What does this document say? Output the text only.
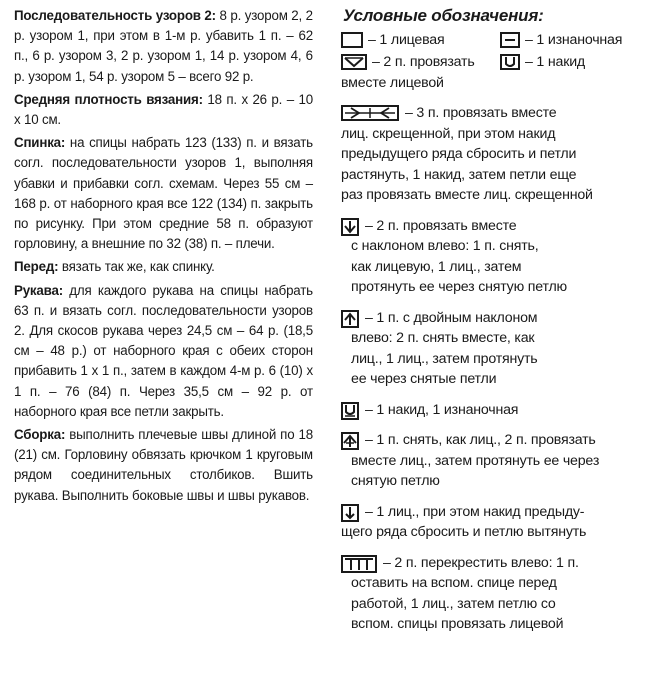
Последовательность узоров 2: 8 р. узором 2, 2 р. узором 1, при этом в 1-м р. убавить 1 п. – 62 п., 6 р. узором 3, 2 р. узором 1, 14 р. узором 4, 6 р. узором 1, 54 р. узором 5 – всего 92 р.

Средняя плотность вязания: 18 п. х 26 р. – 10 х 10 см.

Спинка: на спицы набрать 123 (133) п. и вязать согл. последовательности узоров 1, выполняя убавки и прибавки согл. схемам. Через 55 см – 168 р. от наборного края все 122 (134) п. закрыть по рисунку. При этом средние 58 п. образуют горловину, а внешние по 32 (38) п. – плечи.

Перед: вязать так же, как спинку.

Рукава: для каждого рукава на спицы набрать 63 п. и вязать согл. последовательности узоров 2. Для скосов рукава через 24,5 см – 64 р. (18,5 см – 48 р.) от наборного края с обеих сторон прибавить 1 х 1 п., затем в каждом 4-м р. 6 (10) х 1 п. – 76 (84) п. Через 35,5 см – 92 р. от наборного края все петли закрыть.

Сборка: выполнить плечевые швы длиной по 18 (21) см. Горловину обвязать крючком 1 круговым рядом соединительных столбиков. Вшить рукава. Выполнить боковые швы и швы рукавов.

Условные обозначения:
– 1 лицевая	– 1 изнаночная
– 2 п. провязать	– 1 накид
вместе лицевой
– 3 п. провязать вместе
лиц. скрещенной, при этом накид
предыдущего ряда сбросить и петли
растянуть, 1 накид, затем петли еще
раз провязать вместе лиц. скрещенной
– 2 п. провязать вместе
с наклоном влево: 1 п. снять,
как лицевую, 1 лиц., затем
протянуть ее через снятую петлю
– 1 п. с двойным наклоном
влево: 2 п. снять вместе, как
лиц., 1 лиц., затем протянуть
ее через снятые петли
– 1 накид, 1 изнаночная
– 1 п. снять, как лиц., 2 п. провязать
вместе лиц., затем протянуть ее через
снятую петлю
– 1 лиц., при этом накид предыду-
щего ряда сбросить и петлю вытянуть
– 2 п. перекрестить влево: 1 п.
оставить на вспом. спице перед
работой, 1 лиц., затем петлю со
вспом. спицы провязать лицевой
